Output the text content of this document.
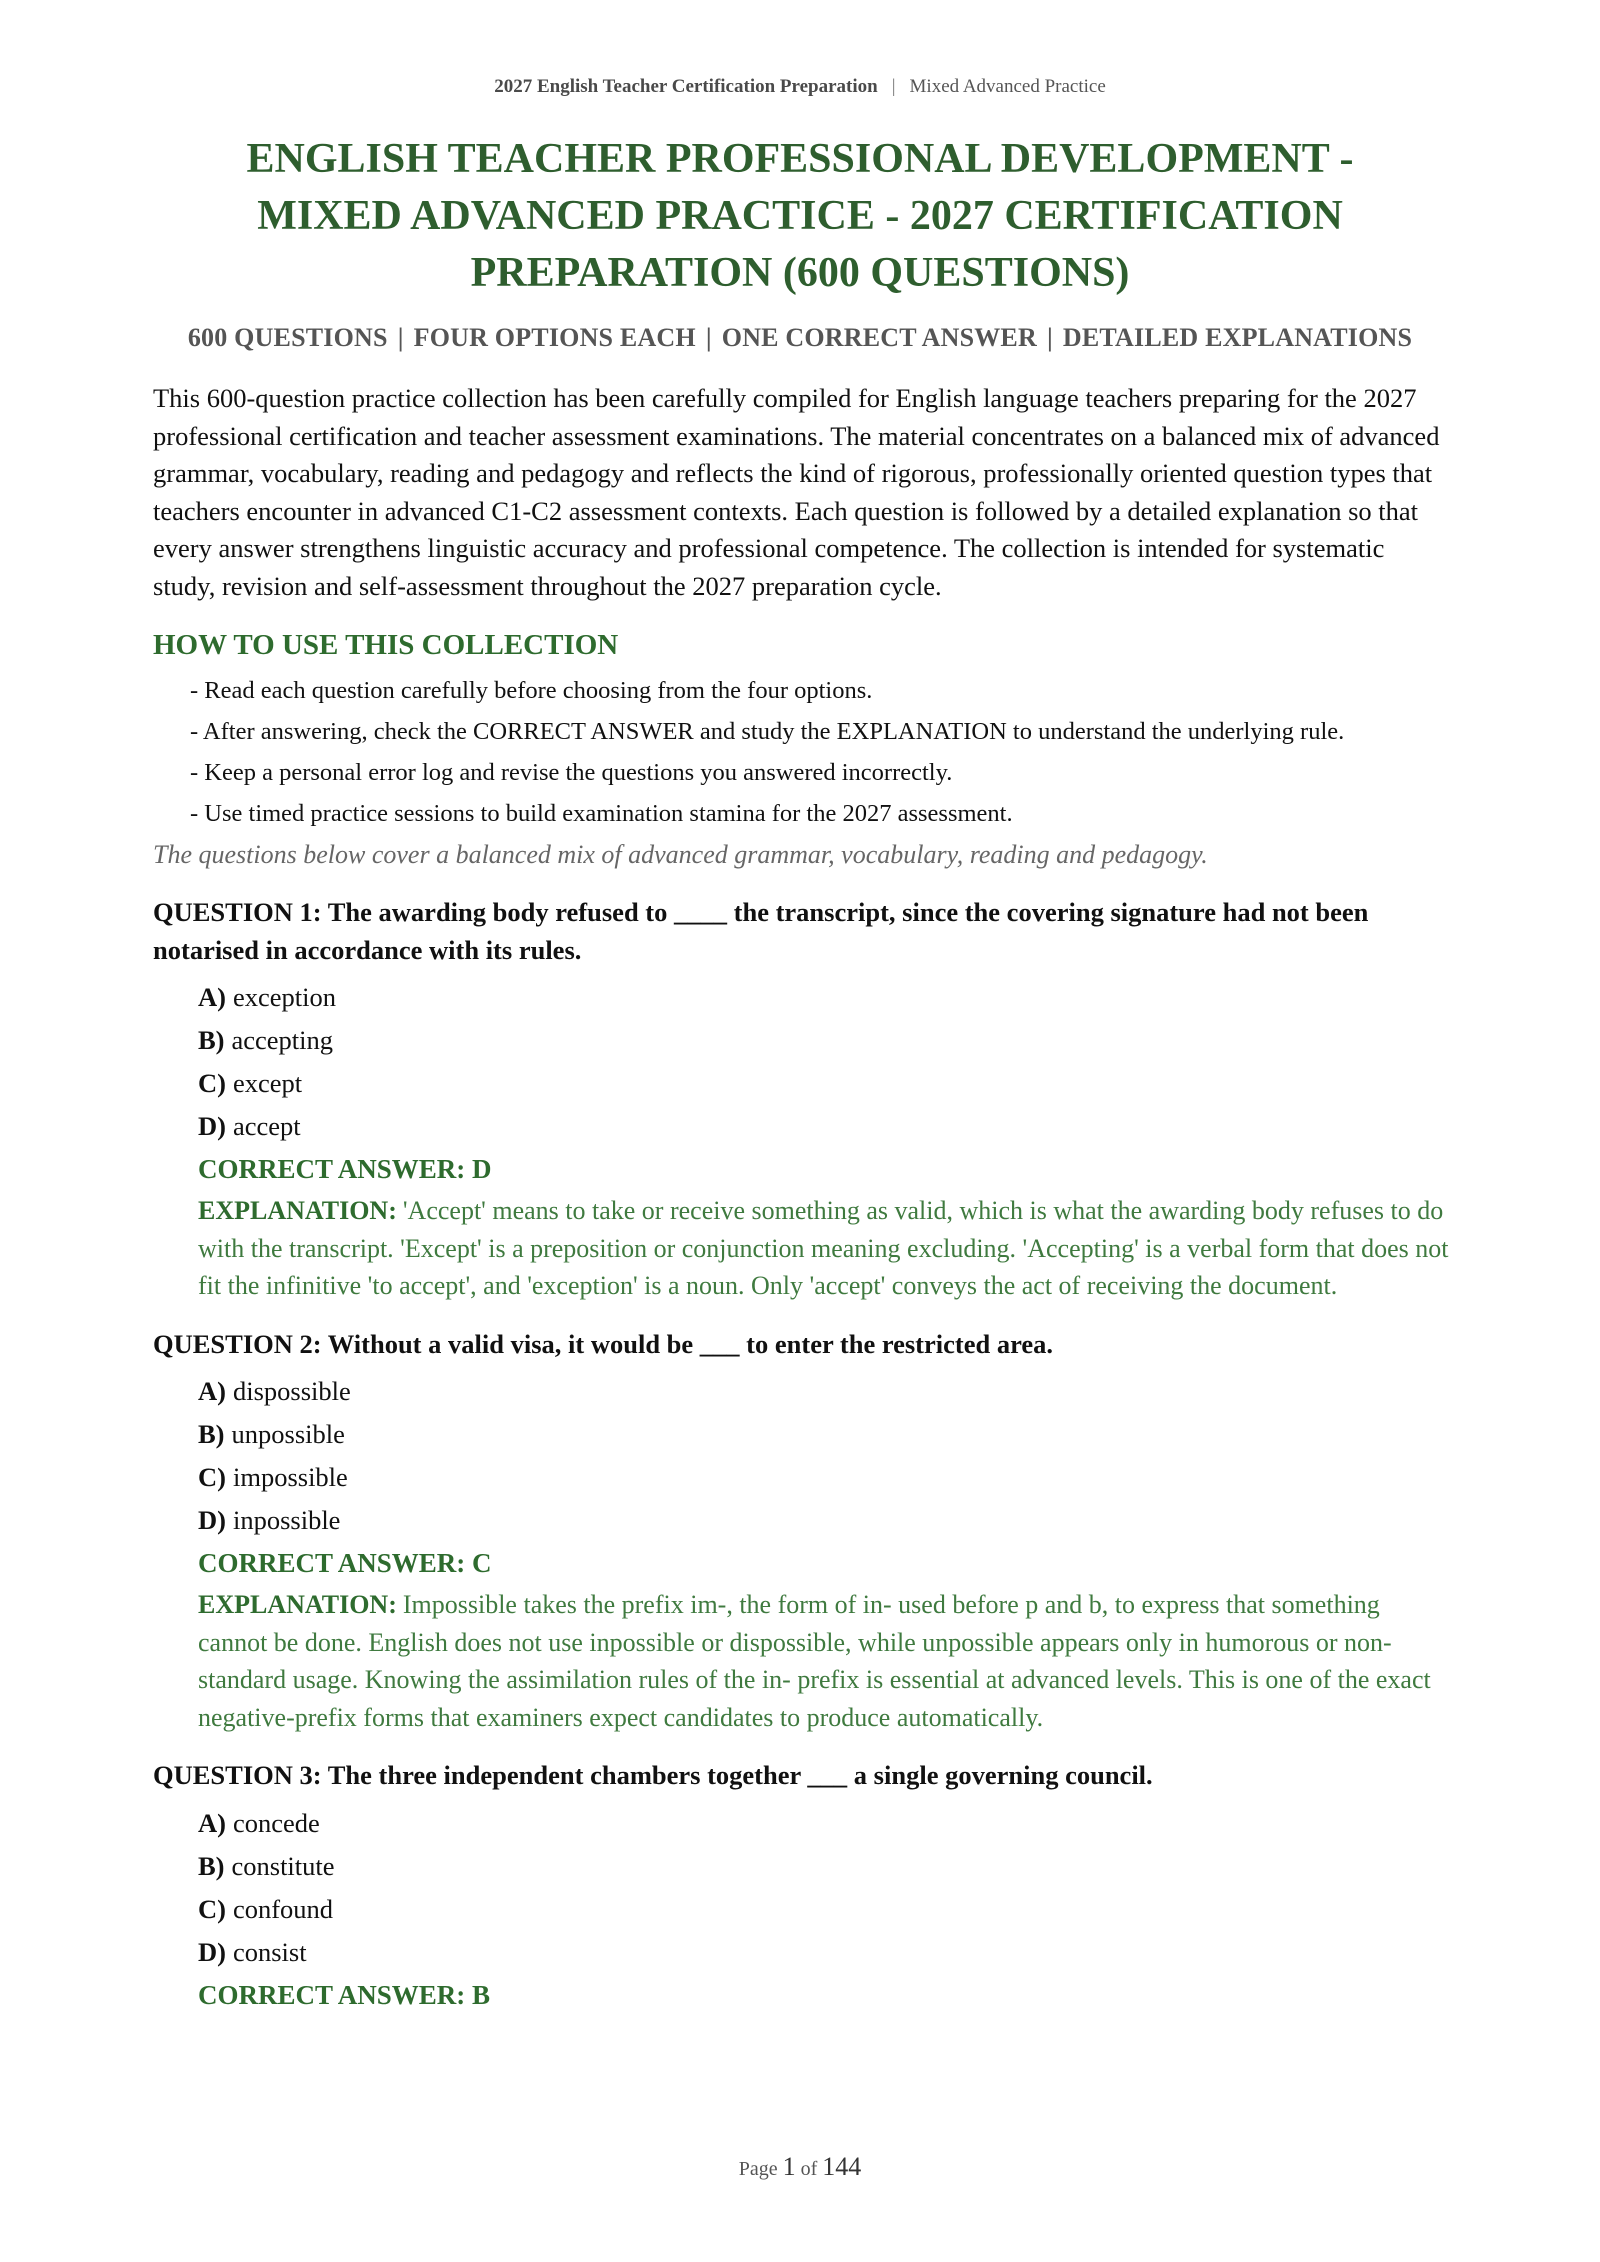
2027 English Teacher Certification Preparation | Mixed Advanced Practice
ENGLISH TEACHER PROFESSIONAL DEVELOPMENT - MIXED ADVANCED PRACTICE - 2027 CERTIFICATION PREPARATION (600 QUESTIONS)
600 QUESTIONS | FOUR OPTIONS EACH | ONE CORRECT ANSWER | DETAILED EXPLANATIONS

This 600-question practice collection has been carefully compiled for English language teachers preparing for the 2027 professional certification and teacher assessment examinations. The material concentrates on a balanced mix of advanced grammar, vocabulary, reading and pedagogy and reflects the kind of rigorous, professionally oriented question types that teachers encounter in advanced C1-C2 assessment contexts. Each question is followed by a detailed explanation so that every answer strengthens linguistic accuracy and professional competence. The collection is intended for systematic study, revision and self-assessment throughout the 2027 preparation cycle.

HOW TO USE THIS COLLECTION
- Read each question carefully before choosing from the four options.
- After answering, check the CORRECT ANSWER and study the EXPLANATION to understand the underlying rule.
- Keep a personal error log and revise the questions you answered incorrectly.
- Use timed practice sessions to build examination stamina for the 2027 assessment.

The questions below cover a balanced mix of advanced grammar, vocabulary, reading and pedagogy.

QUESTION 1: The awarding body refused to ____ the transcript, since the covering signature had not been notarised in accordance with its rules.

A) exception
B) accepting
C) except
D) accept

CORRECT ANSWER: D

EXPLANATION: 'Accept' means to take or receive something as valid, which is what the awarding body refuses to do with the transcript. 'Except' is a preposition or conjunction meaning excluding. 'Accepting' is a verbal form that does not fit the infinitive 'to accept', and 'exception' is a noun. Only 'accept' conveys the act of receiving the document.

QUESTION 2: Without a valid visa, it would be ___ to enter the restricted area.

A) dispossible
B) unpossible
C) impossible
D) inpossible

CORRECT ANSWER: C

EXPLANATION: Impossible takes the prefix im-, the form of in- used before p and b, to express that something cannot be done. English does not use inpossible or dispossible, while unpossible appears only in humorous or non-standard usage. Knowing the assimilation rules of the in- prefix is essential at advanced levels. This is one of the exact negative-prefix forms that examiners expect candidates to produce automatically.

QUESTION 3: The three independent chambers together ___ a single governing council.

A) concede
B) constitute
C) confound
D) consist

CORRECT ANSWER: B

Page 1 of 144
